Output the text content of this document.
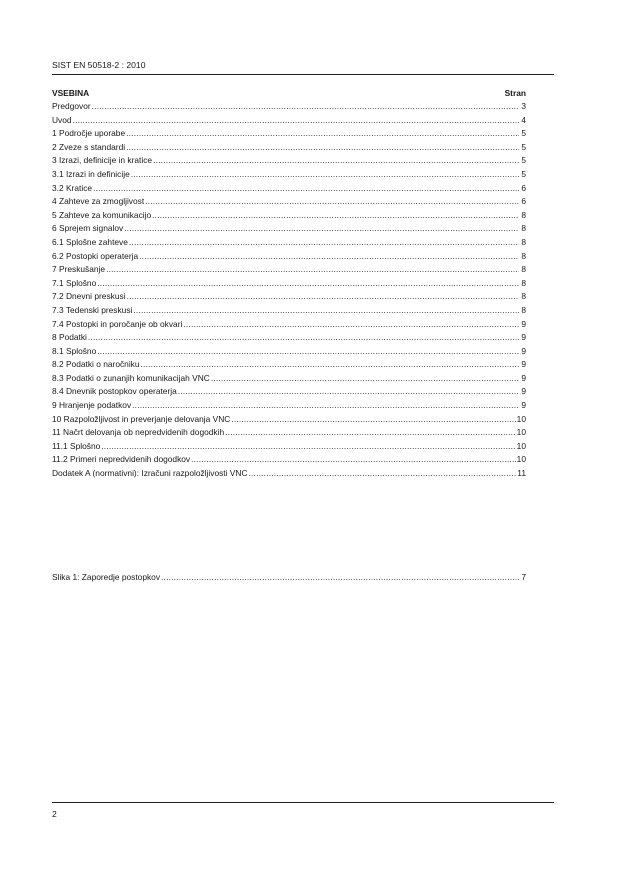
SIST EN 50518-2 : 2010
VSEBINA	Stran
Predgovor .....	3
Uvod .....	4
1 Področje uporabe .....	5
2 Zveze s standardi .....	5
3 Izrazi, definicije in kratice .....	5
3.1 Izrazi in definicije .....	5
3.2 Kratice .....	6
4 Zahteve za zmogljivost .....	6
5 Zahteve za komunikacijo .....	8
6 Sprejem signalov .....	8
6.1 Splošne zahteve .....	8
6.2 Postopki operaterja .....	8
7 Preskušanje .....	8
7.1 Splošno .....	8
7.2 Dnevni preskusi .....	8
7.3 Tedenski preskusi .....	8
7.4 Postopki in poročanje ob okvari .....	9
8 Podatki .....	9
8.1 Splošno .....	9
8.2 Podatki o naročniku .....	9
8.3 Podatki o zunanjih komunikacijah VNC .....	9
8.4 Dnevnik postopkov operaterja .....	9
9 Hranjenje podatkov .....	9
10 Razpoložljivost in preverjanje delovanja VNC .....	10
11 Načrt delovanja ob nepredvidenih dogodkih .....	10
11.1 Splošno .....	10
11.2 Primeri nepredvidenih dogodkov .....	10
Dodatek A (normativni): Izračuni razpoložljivosti VNC .....	11
Slika 1: Zaporedje postopkov .....	7
2
